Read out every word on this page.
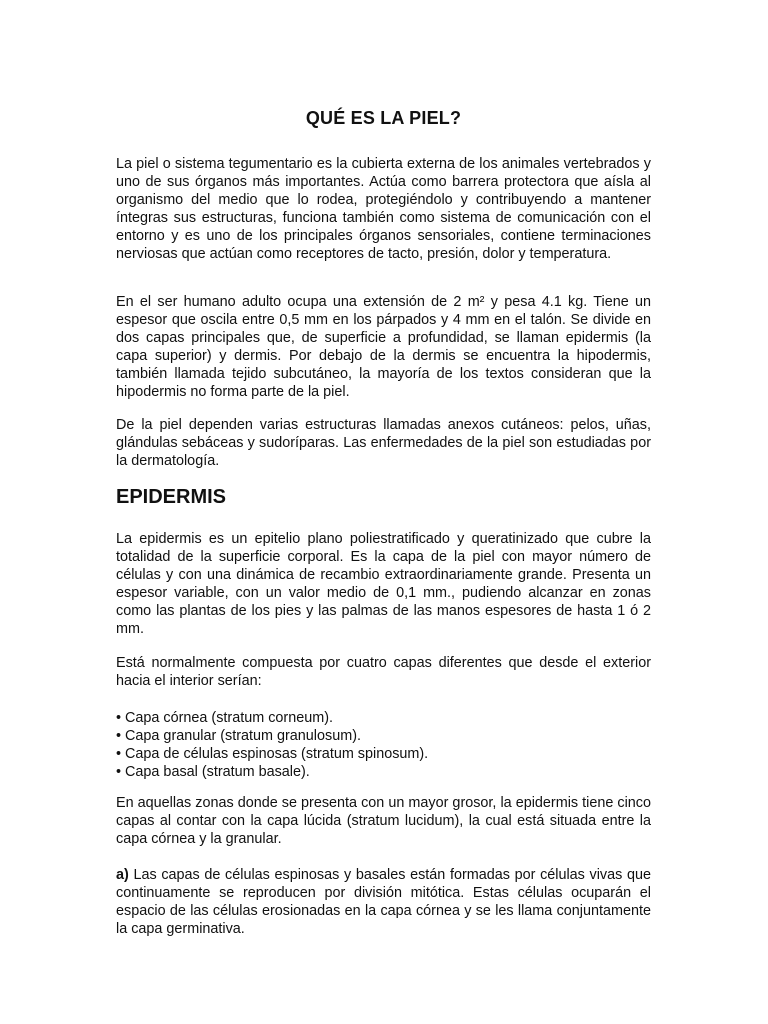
QUÉ ES LA PIEL?

La piel o sistema tegumentario es la cubierta externa de los animales vertebrados y uno de sus órganos más importantes. Actúa como barrera protectora que aísla al organismo del medio que lo rodea, protegiéndolo y contribuyendo a mantener íntegras sus estructuras, funciona también como sistema de comunicación con el entorno y es uno de los principales órganos sensoriales, contiene terminaciones nerviosas que actúan como receptores de tacto, presión, dolor y temperatura.

En el ser humano adulto ocupa una extensión de 2 m² y pesa 4.1 kg. Tiene un espesor que oscila entre 0,5 mm en los párpados y 4 mm en el talón. Se divide en dos capas principales que, de superficie a profundidad, se llaman epidermis (la capa superior) y dermis. Por debajo de la dermis se encuentra la hipodermis, también llamada tejido subcutáneo, la mayoría de los textos consideran que la hipodermis no forma parte de la piel.

De la piel dependen varias estructuras llamadas anexos cutáneos: pelos, uñas, glándulas sebáceas y sudoríparas. Las enfermedades de la piel son estudiadas por la dermatología.

EPIDERMIS

La epidermis es un epitelio plano poliestratificado y queratinizado que cubre la totalidad de la superficie corporal. Es la capa de la piel con mayor número de células y con una dinámica de recambio extraordinariamente grande. Presenta un espesor variable, con un valor medio de 0,1 mm., pudiendo alcanzar en zonas como las plantas de los pies y las palmas de las manos espesores de hasta 1 ó 2 mm.

Está normalmente compuesta por cuatro capas diferentes que desde el exterior hacia el interior serían:

• Capa córnea (stratum corneum).
• Capa granular (stratum granulosum).
• Capa de células espinosas (stratum spinosum).
• Capa basal (stratum basale).

En aquellas zonas donde se presenta con un mayor grosor, la epidermis tiene cinco capas al contar con la capa lúcida (stratum lucidum), la cual está situada entre la capa córnea y la granular.

a) Las capas de células espinosas y basales están formadas por células vivas que continuamente se reproducen por división mitótica. Estas células ocuparán el espacio de las células erosionadas en la capa córnea y se les llama conjuntamente la capa germinativa.
